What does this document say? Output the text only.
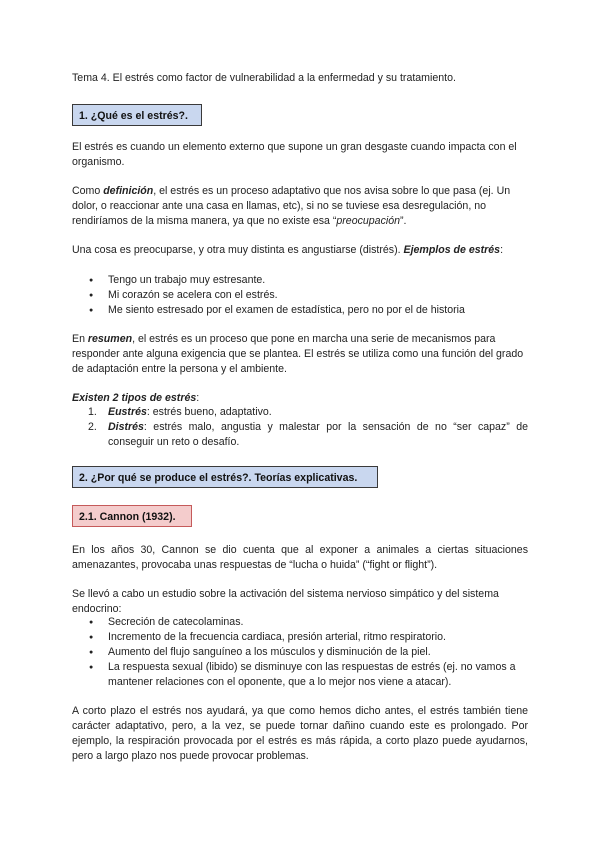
Tema 4. El estrés como factor de vulnerabilidad a la enfermedad y su tratamiento.

1. ¿Qué es el estrés?.

El estrés es cuando un elemento externo que supone un gran desgaste cuando impacta con el organismo.

Como definición, el estrés es un proceso adaptativo que nos avisa sobre lo que pasa (ej. Un dolor, o reaccionar ante una casa en llamas, etc), si no se tuviese esa desregulación, no rendiríamos de la misma manera, ya que no existe esa “preocupación”.

Una cosa es preocuparse, y otra muy distinta es angustiarse (distrés). Ejemplos de estrés:

● Tengo un trabajo muy estresante.
● Mi corazón se acelera con el estrés.
● Me siento estresado por el examen de estadística, pero no por el de historia

En resumen, el estrés es un proceso que pone en marcha una serie de mecanismos para responder ante alguna exigencia que se plantea. El estrés se utiliza como una función del grado de adaptación entre la persona y el ambiente.

Existen 2 tipos de estrés:

1. Eustrés: estrés bueno, adaptativo.
2. Distrés: estrés malo, angustia y malestar por la sensación de no “ser capaz” de conseguir un reto o desafío.
2. ¿Por qué se produce el estrés?. Teorías explicativas.
2.1. Cannon (1932).

En los años 30, Cannon se dio cuenta que al exponer a animales a ciertas situaciones amenazantes, provocaba unas respuestas de “lucha o huida” (“fight or flight”).

Se llevó a cabo un estudio sobre la activación del sistema nervioso simpático y del sistema endocrino:

● Secreción de catecolaminas.
● Incremento de la frecuencia cardiaca, presión arterial, ritmo respiratorio.
● Aumento del flujo sanguíneo a los músculos y disminución de la piel.
● La respuesta sexual (libido) se disminuye con las respuestas de estrés (ej. no vamos a mantener relaciones con el oponente, que a lo mejor nos viene a atacar).

A corto plazo el estrés nos ayudará, ya que como hemos dicho antes, el estrés también tiene carácter adaptativo, pero, a la vez, se puede tornar dañino cuando este es prolongado. Por ejemplo, la respiración provocada por el estrés es más rápida, a corto plazo puede ayudarnos, pero a largo plazo nos puede provocar problemas.
